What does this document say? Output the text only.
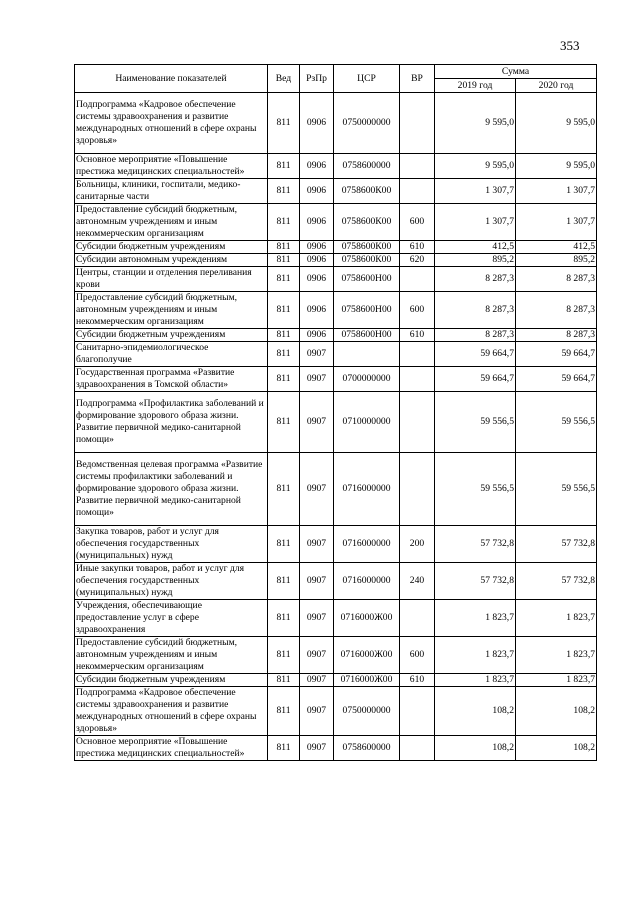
353
Наименование показателей	Вед	РзПр	ЦСР	ВР	Сумма	
					2019 год	2020 год
Подпрограмма «Кадровое обеспечение системы здравоохранения и развитие международных отношений в сфере охраны здоровья»	811	0906	0750000000		9 595,0	9 595,0
Основное мероприятие «Повышение престижа медицинских специальностей»	811	0906	0758600000		9 595,0	9 595,0
Больницы, клиники, госпитали, медико-санитарные части	811	0906	0758600К00		1 307,7	1 307,7
Предоставление субсидий бюджетным, автономным учреждениям и иным некоммерческим организациям	811	0906	0758600К00	600	1 307,7	1 307,7
Субсидии бюджетным учреждениям	811	0906	0758600К00	610	412,5	412,5
Субсидии автономным учреждениям	811	0906	0758600К00	620	895,2	895,2
Центры, станции и отделения переливания крови	811	0906	0758600Н00		8 287,3	8 287,3
Предоставление субсидий бюджетным, автономным учреждениям и иным некоммерческим организациям	811	0906	0758600Н00	600	8 287,3	8 287,3
Субсидии бюджетным учреждениям	811	0906	0758600Н00	610	8 287,3	8 287,3
Санитарно-эпидемиологическое благополучие	811	0907			59 664,7	59 664,7
Государственная программа «Развитие здравоохранения в Томской области»	811	0907	0700000000		59 664,7	59 664,7
Подпрограмма «Профилактика заболеваний и формирование здорового образа жизни. Развитие первичной медико-санитарной помощи»	811	0907	0710000000		59 556,5	59 556,5
Ведомственная целевая программа «Развитие системы профилактики заболеваний и формирование здорового образа жизни. Развитие первичной медико-санитарной помощи»	811	0907	0716000000		59 556,5	59 556,5
Закупка товаров, работ и услуг для обеспечения государственных (муниципальных) нужд	811	0907	0716000000	200	57 732,8	57 732,8
Иные закупки товаров, работ и услуг для обеспечения государственных (муниципальных) нужд	811	0907	0716000000	240	57 732,8	57 732,8
Учреждения, обеспечивающие предоставление услуг в сфере здравоохранения	811	0907	0716000Ж00		1 823,7	1 823,7
Предоставление субсидий бюджетным, автономным учреждениям и иным некоммерческим организациям	811	0907	0716000Ж00	600	1 823,7	1 823,7
Субсидии бюджетным учреждениям	811	0907	0716000Ж00	610	1 823,7	1 823,7
Подпрограмма «Кадровое обеспечение системы здравоохранения и развитие международных отношений в сфере охраны здоровья»	811	0907	0750000000		108,2	108,2
Основное мероприятие «Повышение престижа медицинских специальностей»	811	0907	0758600000		108,2	108,2
